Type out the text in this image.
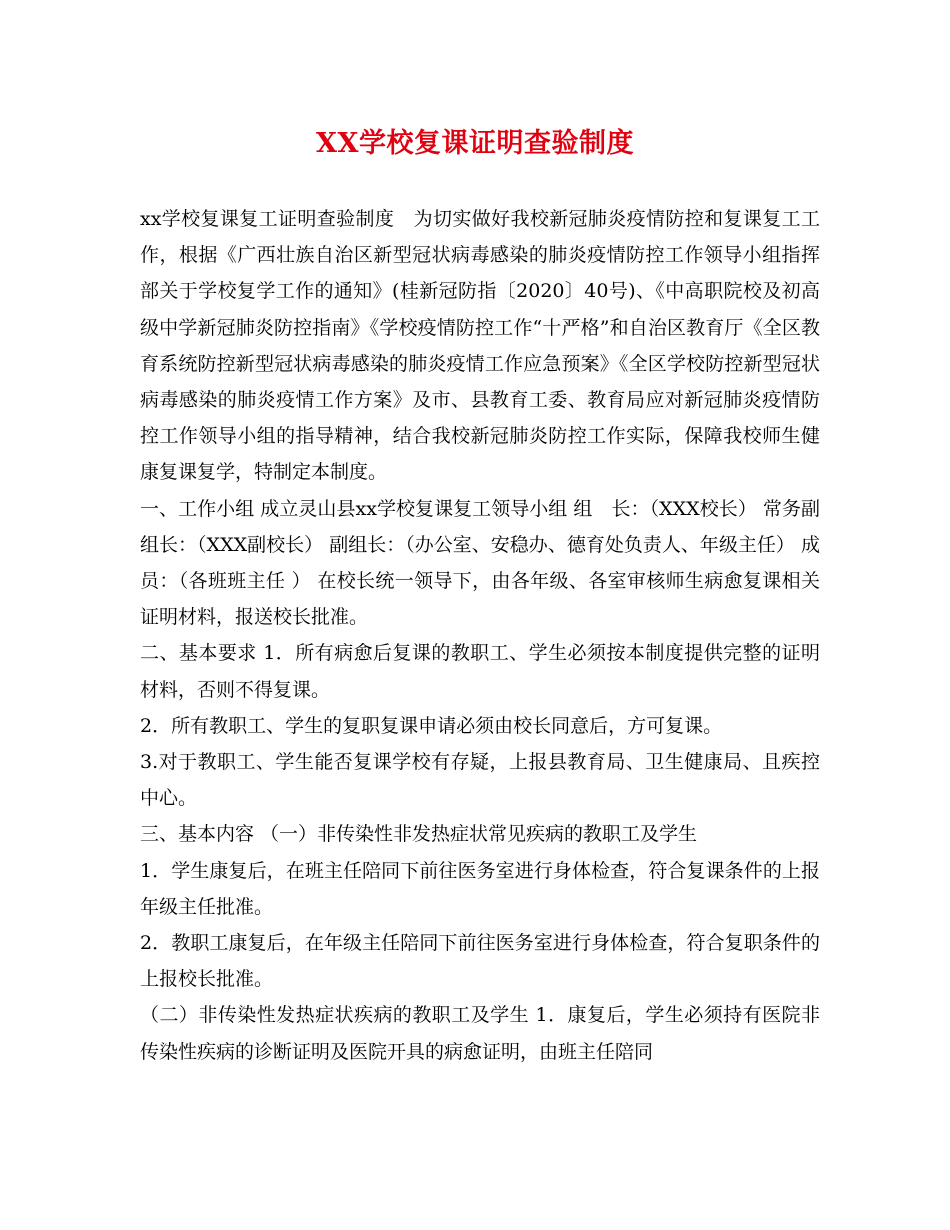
XX学校复课证明查验制度

xx学校复课复工证明查验制度　为切实做好我校新冠肺炎疫情防控和复课复工工作，根据《广西壮族自治区新型冠状病毒感染的肺炎疫情防控工作领导小组指挥部关于学校复学工作的通知》(桂新冠防指〔2020〕40号)、《中高职院校及初高级中学新冠肺炎防控指南》《学校疫情防控工作“十严格”和自治区教育厅《全区教育系统防控新型冠状病毒感染的肺炎疫情工作应急预案》《全区学校防控新型冠状病毒感染的肺炎疫情工作方案》及市、县教育工委、教育局应对新冠肺炎疫情防控工作领导小组的指导精神，结合我校新冠肺炎防控工作实际，保障我校师生健康复课复学，特制定本制度。

一、工作小组 成立灵山县xx学校复课复工领导小组 组　长：（XXX校长） 常务副组长：（XXX副校长） 副组长：（办公室、安稳办、德育处负责人、年级主任） 成　员：（各班班主任 ） 在校长统一领导下，由各年级、各室审核师生病愈复课相关证明材料，报送校长批准。

二、基本要求 1．所有病愈后复课的教职工、学生必须按本制度提供完整的证明材料，否则不得复课。

2．所有教职工、学生的复职复课申请必须由校长同意后，方可复课。

3.对于教职工、学生能否复课学校有存疑，上报县教育局、卫生健康局、且疾控中心。

三、基本内容 （一）非传染性非发热症状常见疾病的教职工及学生

1．学生康复后，在班主任陪同下前往医务室进行身体检查，符合复课条件的上报年级主任批准。

2．教职工康复后，在年级主任陪同下前往医务室进行身体检查，符合复职条件的上报校长批准。

（二）非传染性发热症状疾病的教职工及学生 1．康复后，学生必须持有医院非传染性疾病的诊断证明及医院开具的病愈证明，由班主任陪同
